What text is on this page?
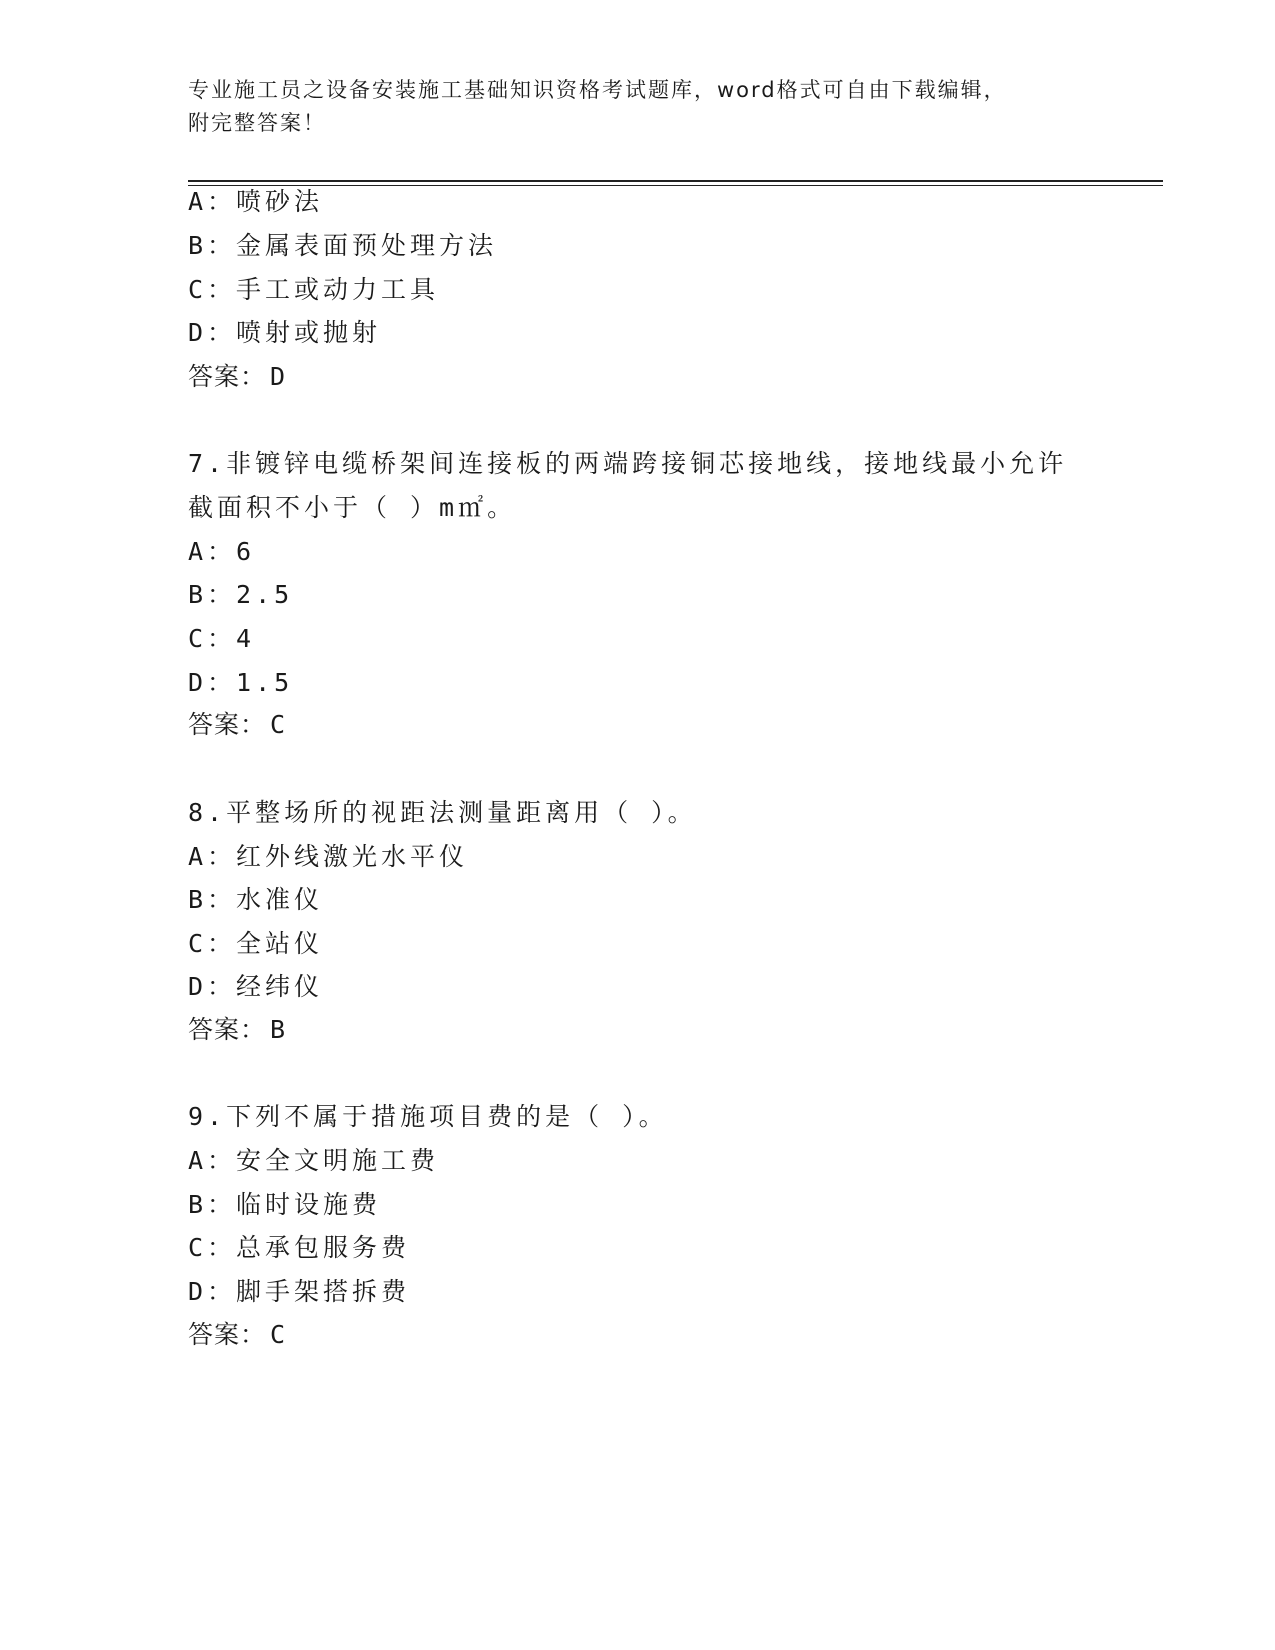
专业施工员之设备安装施工基础知识资格考试题库，word格式可自由下载编辑，
附完整答案！
A：喷砂法
B：金属表面预处理方法
C：手工或动力工具
D：喷射或抛射
答案： D
7.非镀锌电缆桥架间连接板的两端跨接铜芯接地线，接地线最小允许
截面积不小于（ ）m㎡。
A：6
B：2.5
C：4
D：1.5
答案： C
8.平整场所的视距法测量距离用（ ）。
A：红外线激光水平仪
B：水准仪
C：全站仪
D：经纬仪
答案： B
9.下列不属于措施项目费的是（ ）。
A：安全文明施工费
B：临时设施费
C：总承包服务费
D：脚手架搭拆费
答案： C
